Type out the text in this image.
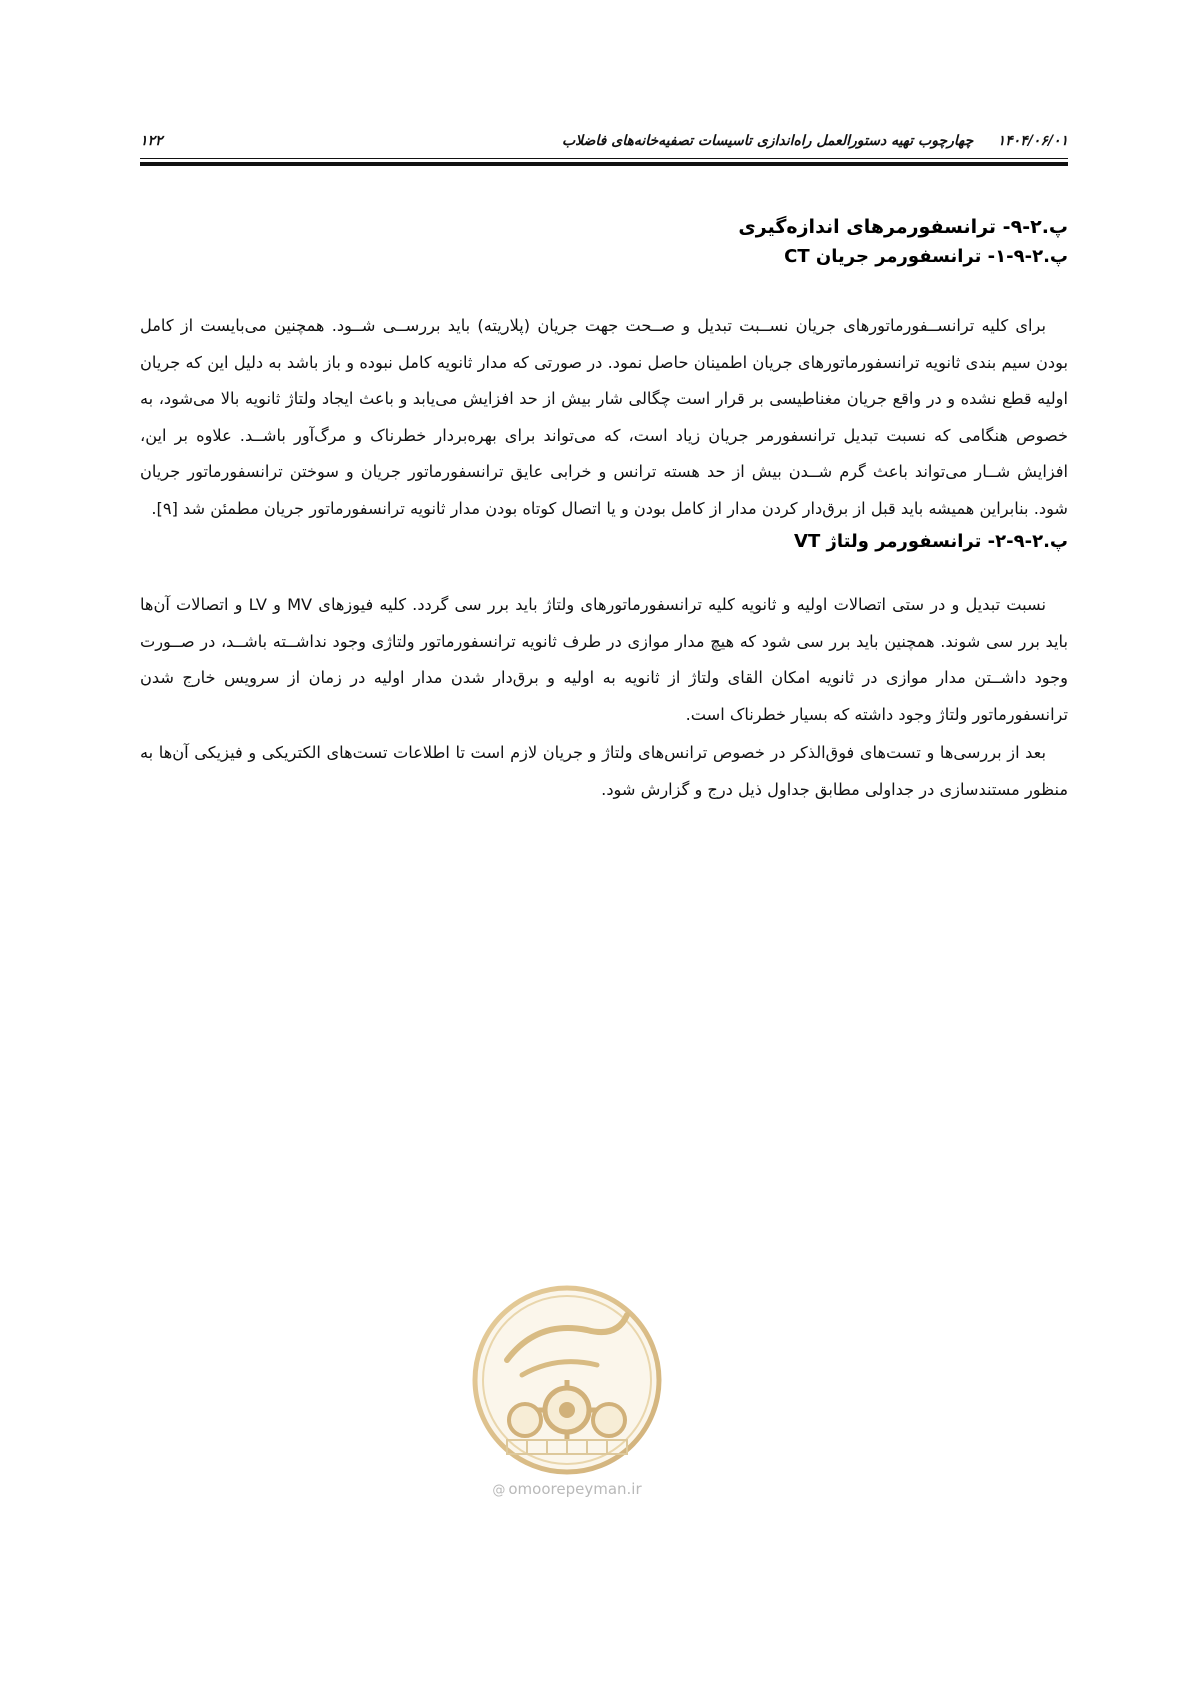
۱۴۰۴/۰۶/۰۱     چهارچوب تهیه دستورالعمل راه‌اندازی تاسیسات تصفیه‌خانه‌های فاضلاب
۱۲۲
پ.۲-۹- ترانسفورمرهای اندازه‌گیری
پ.۲-۹-۱- ترانسفورمر جریان CT

برای کلیه ترانســفورماتورهای جریان نســبت تبدیل و صــحت جهت جریان (پلاریته) باید بررســی شــود. همچنین می‌بایست از کامل بودن سیم بندی ثانویه ترانسفورماتورهای جریان اطمینان حاصل نمود. در صورتی که مدار ثانویه کامل نبوده و باز باشد به دلیل این که جریان اولیه قطع نشده و در واقع جریان مغناطیسی بر قرار است چگالی شار بیش از حد افزایش می‌یابد و باعث ایجاد ولتاژ ثانویه بالا می‌شود، به خصوص هنگامی که نسبت تبدیل ترانسفورمر جریان زیاد است، که می‌تواند برای بهره‌بردار خطرناک و مرگ‌آور باشــد. علاوه بر این، افزایش شــار می‌تواند باعث گرم شــدن بیش از حد هسته ترانس و خرابی عایق ترانسفورماتور جریان و سوختن ترانسفورماتور جریان شود. بنابراین همیشه باید قبل از برق‌دار کردن مدار از کامل بودن و یا اتصال کوتاه بودن مدار ثانویه ترانسفورماتور جریان مطمئن شد [۹].

پ.۲-۹-۲- ترانسفورمر ولتاژ VT

نسبت تبدیل و در ستی اتصالات اولیه و ثانویه کلیه ترانسفورماتورهای ولتاژ باید برر سی گردد. کلیه فیوزهای MV و LV و اتصالات آن‌ها باید برر سی شوند. همچنین باید برر سی شود که هیچ مدار موازی در طرف ثانویه ترانسفورماتور ولتاژی وجود نداشــته باشــد، در صــورت وجود داشــتن مدار موازی در ثانویه امکان القای ولتاژ از ثانویه به اولیه و برق‌دار شدن مدار اولیه در زمان از سرویس خارج شدن ترانسفورماتور ولتاژ وجود داشته که بسیار خطرناک است.

بعد از بررسی‌ها و تست‌های فوق‌الذکر در خصوص ترانس‌های ولتاژ و جریان لازم است تا اطلاعات تست‌های الکتریکی و فیزیکی آن‌ها به منظور مستندسازی در جداولی مطابق جداول ذیل درج و گزارش شود.

@ omoorepeyman.ir
